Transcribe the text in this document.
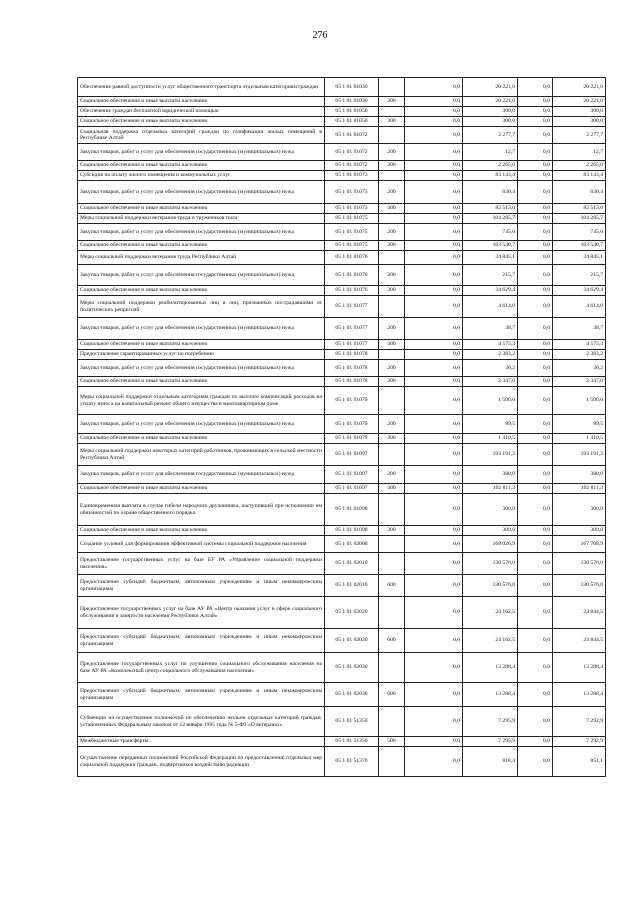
276
Обеспечение равной доступности услуг общественного транспорта отдельным категориям граждан	05 1 01 01030		0,0	20 221,0	0,0	20 221,0
Социальное обеспечение и иные выплаты населению	05 1 01 01030	300	0,0	20 221,0	0,0	20 221,0
Обеспечение граждан бесплатной юридической помощью	05 1 01 01050		0,0	300,0	0,0	300,0
Социальное обеспечение и иные выплаты населению	05 1 01 01050	300	0,0	300,0	0,0	300,0
Социальная поддержка отдельных категорий граждан по газификации жилых помещений в Республике Алтай	05 1 01 01072		0,0	2 277,7	0,0	2 277,7
Закупка товаров, работ и услуг для обеспечения государственных (муниципальных) нужд	05 1 01 01072	200	0,0	12,7	0,0	12,7
Социальное обеспечение и иные выплаты населению	05 1 01 01072	300	0,0	2 265,0	0,0	2 265,0
Субсидия на оплату жилого помещения и коммунальных услуг	05 1 01 01073		0,0	83 143,4	0,0	83 143,4
Закупка товаров, работ и услуг для обеспечения государственных (муниципальных) нужд	05 1 01 01073	200	0,0	630,4	0,0	630,4
Социальное обеспечение и иные выплаты населению	05 1 01 01073	300	0,0	82 513,0	0,0	82 513,0
Меры социальной поддержки ветеранов труда и тружеников тыла	05 1 01 01075		0,0	104 285,7	0,0	104 285,7
Закупка товаров, работ и услуг для обеспечения государственных (муниципальных) нужд	05 1 01 01075	200	0,0	745,0	0,0	745,0
Социальное обеспечение и иные выплаты населению	05 1 01 01075	300	0,0	103 540,7	0,0	103 540,7
Меры социальной поддержки ветеранов труда Республики Алтай	05 1 01 01076		0,0	34 845,1	0,0	34 845,1
Закупка товаров, работ и услуг для обеспечения государственных (муниципальных) нужд	05 1 01 01076	200	0,0	215,7	0,0	215,7
Социальное обеспечение и иные выплаты населению	05 1 01 01076	300	0,0	34 629,4	0,0	34 629,4
Меры социальной поддержки реабилитированных лиц и лиц, признанных пострадавшими от политических репрессий	05 1 01 01077		0,0	4 614,0	0,0	4 614,0
Закупка товаров, работ и услуг для обеспечения государственных (муниципальных) нужд	05 1 01 01077	200	0,0	38,7	0,0	38,7
Социальное обеспечение и иные выплаты населению	05 1 01 01077	300	0,0	4 575,3	0,0	4 575,3
Предоставление гарантированных услуг по погребению	05 1 01 01078		0,0	2 383,2	0,0	2 383,2
Закупка товаров, работ и услуг для обеспечения государственных (муниципальных) нужд	05 1 01 01078	200	0,0	36,2	0,0	36,2
Социальное обеспечение и иные выплаты населению	05 1 01 01078	300	0,0	2 347,0	0,0	2 347,0
Меры социальной поддержки отдельным категориям граждан по выплате компенсаций расходов на уплату взноса на капитальный ремонт общего имущества в многоквартирном доме	05 1 01 01079		0,0	1 500,0	0,0	1 500,0
Закупка товаров, работ и услуг для обеспечения государственных (муниципальных) нужд	05 1 01 01079	200	0,0	89,5	0,0	89,5
Социальное обеспечение и иные выплаты населению	05 1 01 01079	300	0,0	1 410,5	0,0	1 410,5
Меры социальной поддержки некоторых категорий работников, проживающих в сельской местности Республики Алтай	05 1 01 01097		0,0	193 191,3	0,0	193 191,3
Закупка товаров, работ и услуг для обеспечения государственных (муниципальных) нужд	05 1 01 01097	200	0,0	380,0	0,0	380,0
Социальное обеспечение и иные выплаты населению	05 1 01 01097	300	0,0	192 811,3	0,0	192 811,3
Единовременная выплата в случае гибели народного дружинника, наступившей при исполнении им обязанностей по охране общественного порядка	05 1 01 01098		0,0	300,0	0,0	300,0
Социальное обеспечение и иные выплаты населению	05 1 01 01098	300	0,0	300,0	0,0	300,0
Создание условий для формирования эффективной системы социальной поддержки населения	05 1 01 02000		0,0	168 026,9	0,0	167 708,9
Предоставление государственных услуг на базе БУ РА «Управление социальной поддержки населения»	05 1 01 02010		0,0	130 576,0	0,0	130 576,0
Предоставление субсидий бюджетным, автономным учреждениям и иным некоммерческим организациям	05 1 01 02010	600	0,0	130 576,0	0,0	130 576,0
Предоставление государственных услуг на базе АУ РА «Центр оказания услуг в сфере социального обслуживания и занятости населения Республики Алтай»	05 1 01 02020		0,0	24 162,5	0,0	23 844,5
Предоставление субсидий бюджетным, автономным учреждениям и иным некоммерческим организациям	05 1 01 02020	600	0,0	24 162,5	0,0	23 844,5
Предоставление государственных услуг по улучшению социального обслуживания населения на базе АУ РА «Комплексный центр социального обслуживания населения»	05 1 01 02030		0,0	13 288,4	0,0	13 288,4
Предоставление субсидий бюджетным, автономным учреждениям и иным некоммерческим организациям	05 1 01 02030	600	0,0	13 288,4	0,0	13 288,4
Субвенции на осуществление полномочий по обеспечению жильем отдельных категорий граждан, установленных Федеральным законом от 12 января 1995 года № 5-ФЗ «О ветеранах»	05 1 01 51350		0,0	7 295,9	0,0	7 292,9
Межбюджетные трансферты	05 1 01 51350	500	0,0	7 295,9	0,0	7 292,9
Осуществление переданных полномочий Российской Федерации по предоставлению отдельных мер социальной поддержки граждан, подвергшихся воздействию радиации	05 1 01 51370		0,0	818,4	0,0	851,1
